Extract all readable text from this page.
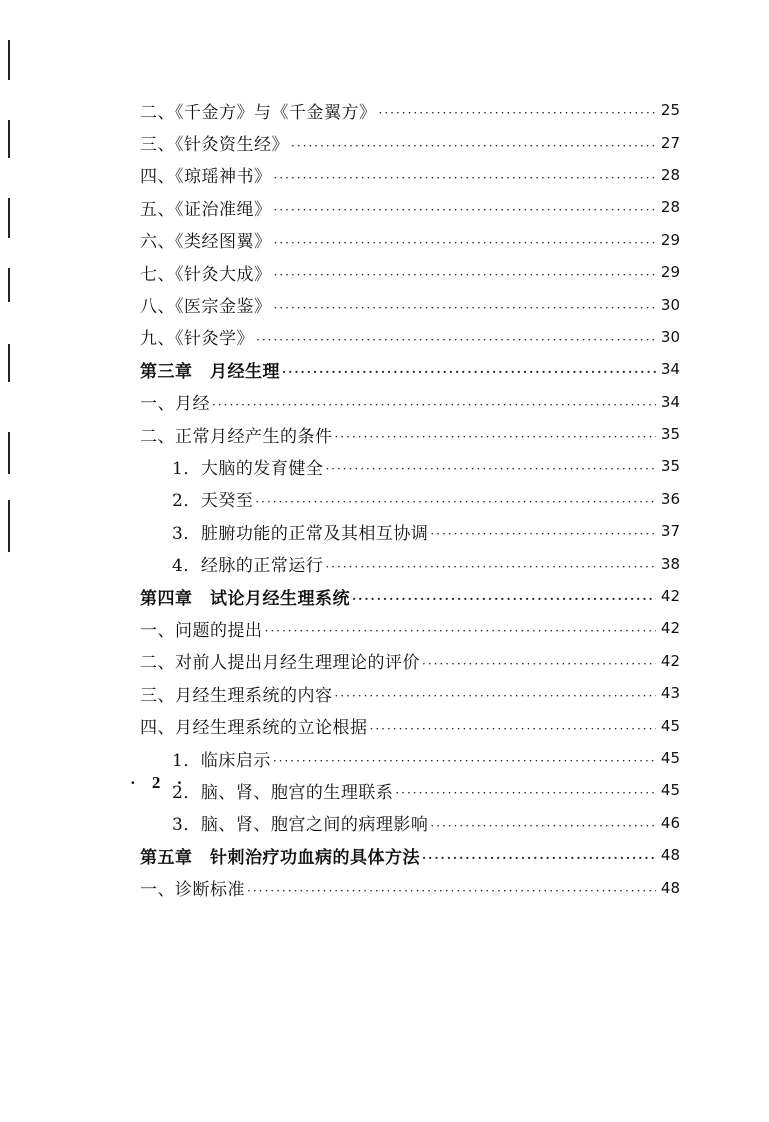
二、《千金方》与《千金翼方》 ·····	25
三、《针灸资生经》 ·····	27
四、《琼瑶神书》 ·····	28
五、《证治准绳》 ·····	28
六、《类经图翼》 ·····	29
七、《针灸大成》 ·····	29
八、《医宗金鉴》 ·····	30
九、《针灸学》 ·····	30
第三章　月经生理 ·····	34
一、月经 ·····	34
二、正常月经产生的条件 ·····	35
1．大脑的发育健全 ·····	35
2．天癸至 ·····	36
3．脏腑功能的正常及其相互协调 ·····	37
4．经脉的正常运行 ·····	38
第四章　试论月经生理系统 ·····	42
一、问题的提出 ·····	42
二、对前人提出月经生理理论的评价 ·····	42
三、月经生理系统的内容 ·····	43
四、月经生理系统的立论根据 ·····	45
1．临床启示 ·····	45
2．脑、肾、胞宫的生理联系 ·····	45
3．脑、肾、胞宫之间的病理影响 ·····	46
第五章　针刺治疗功血病的具体方法 ·····	48
一、诊断标准 ·····	48
· 2 ·
